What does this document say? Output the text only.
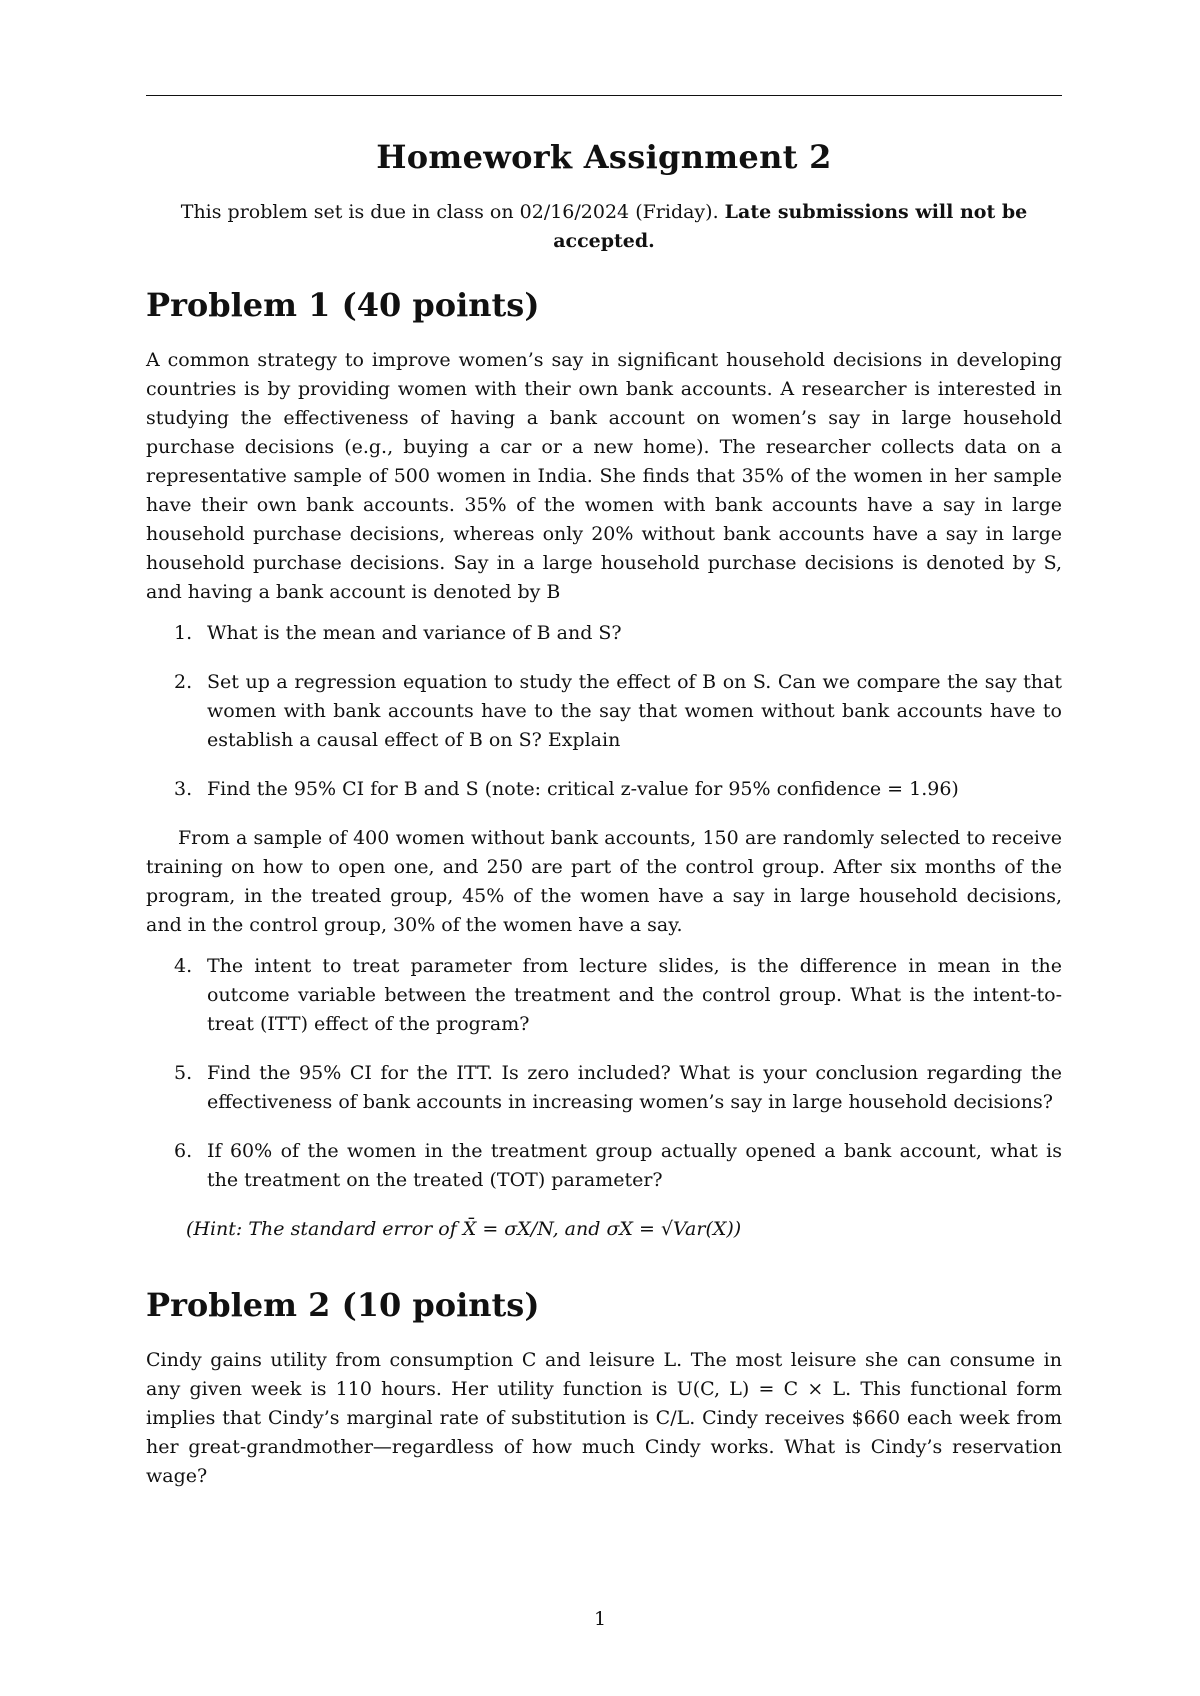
Homework Assignment 2
This problem set is due in class on 02/16/2024 (Friday). Late submissions will not be accepted.
Problem 1 (40 points)

A common strategy to improve women’s say in significant household decisions in developing countries is by providing women with their own bank accounts. A researcher is interested in studying the effectiveness of having a bank account on women’s say in large household purchase decisions (e.g., buying a car or a new home). The researcher collects data on a representative sample of 500 women in India. She finds that 35% of the women in her sample have their own bank accounts. 35% of the women with bank accounts have a say in large household purchase decisions, whereas only 20% without bank accounts have a say in large household purchase decisions. Say in a large household purchase decisions is denoted by S, and having a bank account is denoted by B

1. What is the mean and variance of B and S?
2. Set up a regression equation to study the effect of B on S. Can we compare the say that women with bank accounts have to the say that women without bank accounts have to establish a causal effect of B on S? Explain
3. Find the 95% CI for B and S (note: critical z-value for 95% confidence = 1.96)

From a sample of 400 women without bank accounts, 150 are randomly selected to receive training on how to open one, and 250 are part of the control group. After six months of the program, in the treated group, 45% of the women have a say in large household decisions, and in the control group, 30% of the women have a say.

4. The intent to treat parameter from lecture slides, is the difference in mean in the outcome variable between the treatment and the control group. What is the intent-to-treat (ITT) effect of the program?
5. Find the 95% CI for the ITT. Is zero included? What is your conclusion regarding the effectiveness of bank accounts in increasing women’s say in large household decisions?
6. If 60% of the women in the treatment group actually opened a bank account, what is the treatment on the treated (TOT) parameter?
(Hint: The standard error of X̄ = σX/N, and σX = √Var(X))
Problem 2 (10 points)

Cindy gains utility from consumption C and leisure L. The most leisure she can consume in any given week is 110 hours. Her utility function is U(C, L) = C × L. This functional form implies that Cindy’s marginal rate of substitution is C/L. Cindy receives $660 each week from her great-grandmother—regardless of how much Cindy works. What is Cindy’s reservation wage?

1
